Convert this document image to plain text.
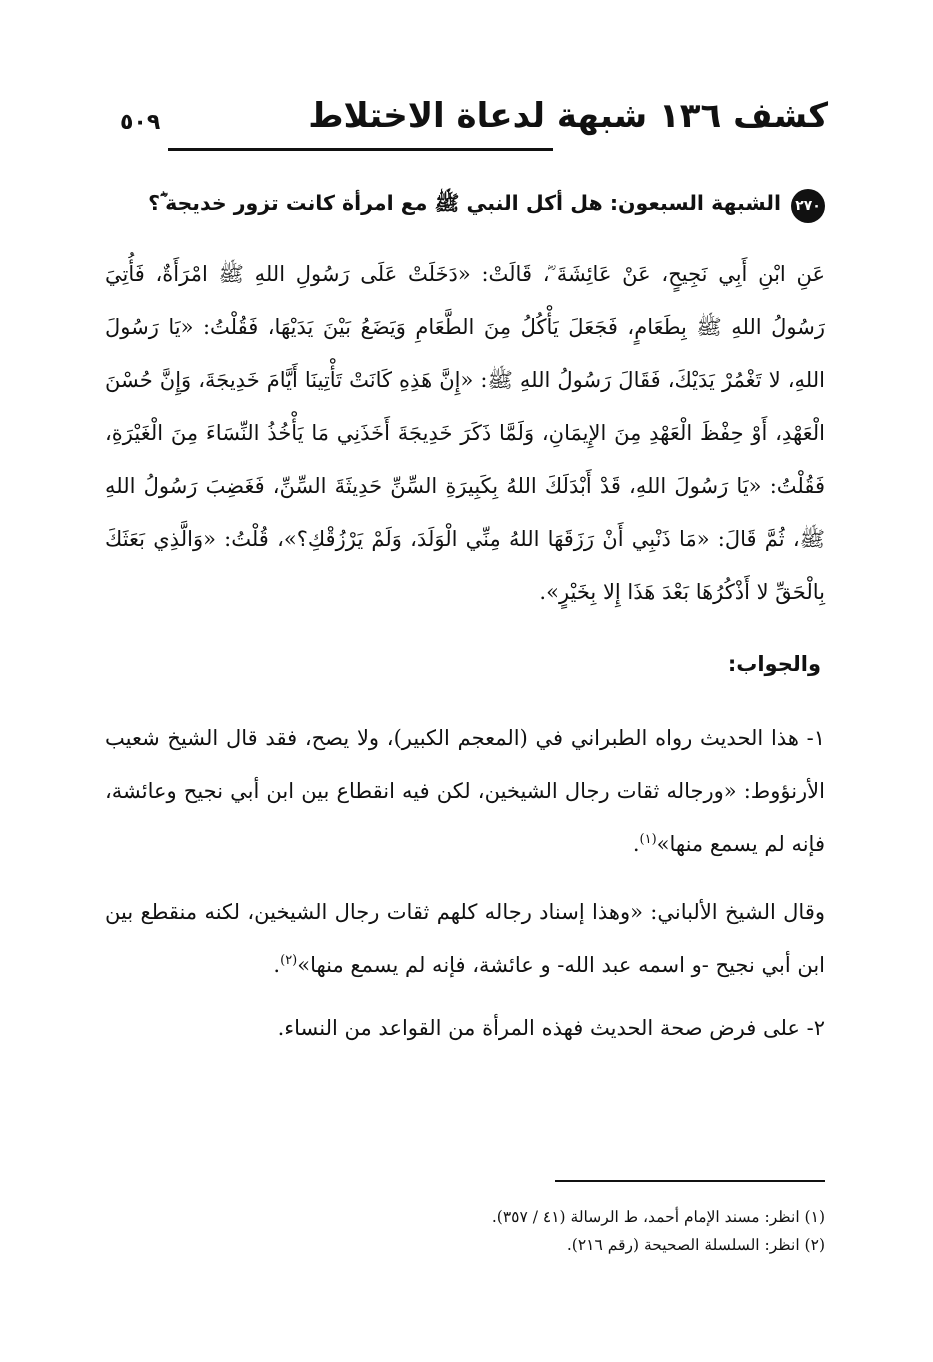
كشف ١٣٦ شبهة لدعاة الاختلاط
٥٠٩
٢٧٠
الشبهة السبعون: هل أكل النبي ﷺ مع امرأة كانت تزور خديجة ؓ؟

عَنِ ابْنِ أَبِي نَجِيحٍ، عَنْ عَائِشَةَ ؓ، قَالَتْ: «دَخَلَتْ عَلَى رَسُولِ اللهِ ﷺ امْرَأَةٌ، فَأُتِيَ رَسُولُ اللهِ ﷺ بِطَعَامٍ، فَجَعَلَ يَأْكُلُ مِنَ الطَّعَامِ وَيَضَعُ بَيْنَ يَدَيْهَا، فَقُلْتُ: «يَا رَسُولَ اللهِ، لا تَغْمُرْ يَدَيْكَ، فَقَالَ رَسُولُ اللهِ ﷺ: «إِنَّ هَذِهِ كَانَتْ تَأْتِينَا أَيَّامَ خَدِيجَةَ، وَإِنَّ حُسْنَ الْعَهْدِ، أَوْ حِفْظَ الْعَهْدِ مِنَ الإِيمَانِ، وَلَمَّا ذَكَرَ خَدِيجَةَ أَخَذَنِي مَا يَأْخُذُ النِّسَاءَ مِنَ الْغَيْرَةِ، فَقُلْتُ: «يَا رَسُولَ اللهِ، قَدْ أَبْدَلَكَ اللهُ بِكَبِيرَةِ السِّنِّ حَدِيثَةَ السِّنِّ، فَغَضِبَ رَسُولُ اللهِ ﷺ، ثُمَّ قَالَ: «مَا ذَنْبِي أَنْ رَزَقَهَا اللهُ مِنِّي الْوَلَدَ، وَلَمْ يَرْزُقْكِ؟»، قُلْتُ: «وَالَّذِي بَعَثَكَ بِالْحَقِّ لا أَذْكُرُهَا بَعْدَ هَذَا إِلا بِخَيْرٍ».

والجواب:

١- هذا الحديث رواه الطبراني في (المعجم الكبير)، ولا يصح، فقد قال الشيخ شعيب الأرنؤوط: «ورجاله ثقات رجال الشيخين، لكن فيه انقطاع بين ابن أبي نجيح وعائشة، فإنه لم يسمع منها»$^{(١)}$.

وقال الشيخ الألباني: «وهذا إسناد رجاله كلهم ثقات رجال الشيخين، لكنه منقطع بين ابن أبي نجيح -و اسمه عبد الله- و عائشة، فإنه لم يسمع منها»$^{(٢)}$.

٢- على فرض صحة الحديث فهذه المرأة من القواعد من النساء.

(١) انظر: مسند الإمام أحمد، ط الرسالة (٤١ / ٣٥٧).
(٢) انظر: السلسلة الصحيحة (رقم ٢١٦).
